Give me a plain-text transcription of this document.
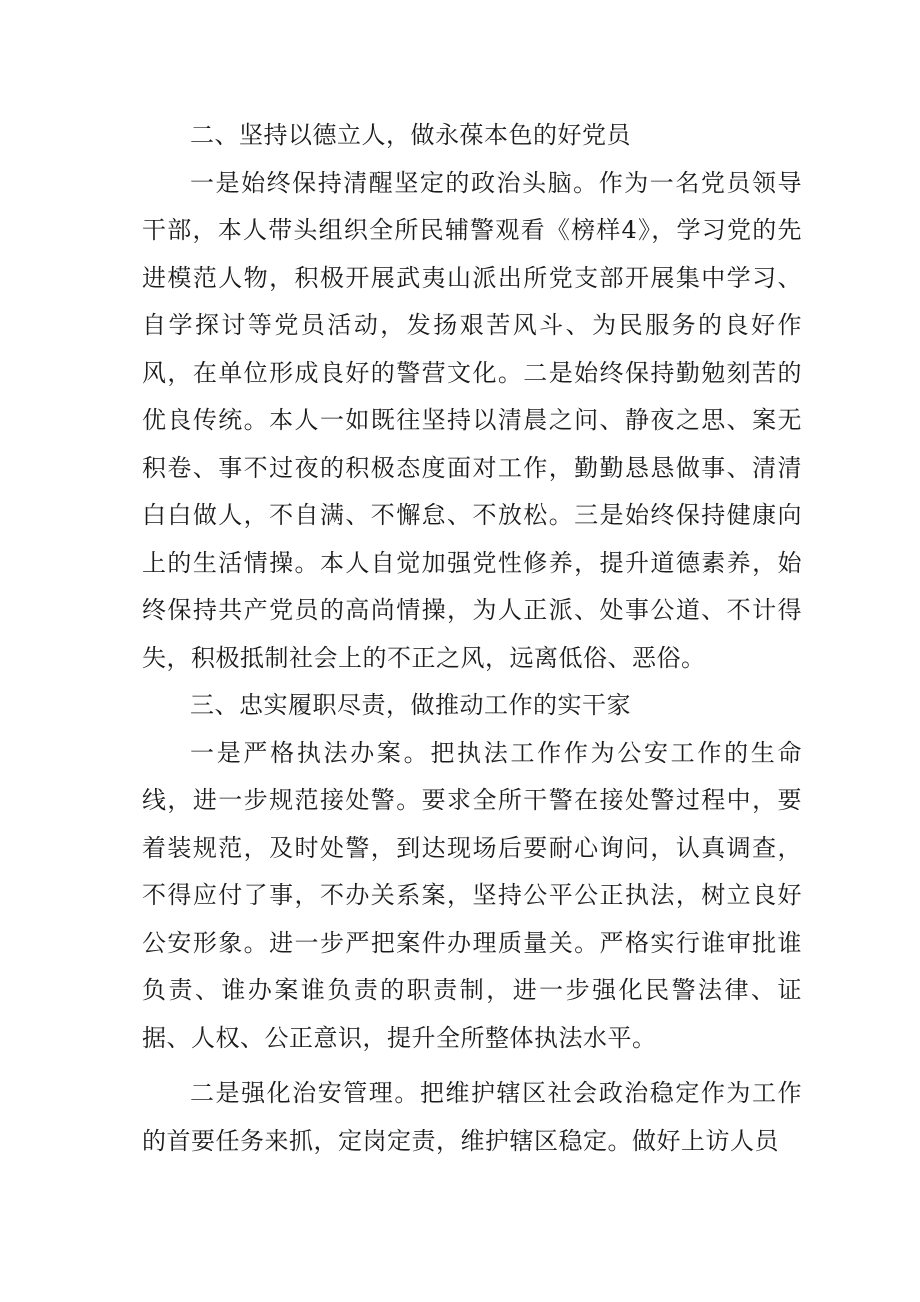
二、坚持以德立人，做永葆本色的好党员

一是始终保持清醒坚定的政治头脑。作为一名党员领导干部，本人带头组织全所民辅警观看《榜样4》，学习党的先进模范人物，积极开展武夷山派出所党支部开展集中学习、自学探讨等党员活动，发扬艰苦风斗、为民服务的良好作风，在单位形成良好的警营文化。二是始终保持勤勉刻苦的优良传统。本人一如既往坚持以清晨之问、静夜之思、案无积卷、事不过夜的积极态度面对工作，勤勤恳恳做事、清清白白做人，不自满、不懈怠、不放松。三是始终保持健康向上的生活情操。本人自觉加强党性修养，提升道德素养，始终保持共产党员的高尚情操，为人正派、处事公道、不计得失，积极抵制社会上的不正之风，远离低俗、恶俗。

三、忠实履职尽责，做推动工作的实干家

一是严格执法办案。把执法工作作为公安工作的生命线，进一步规范接处警。要求全所干警在接处警过程中，要着装规范，及时处警，到达现场后要耐心询问，认真调查，不得应付了事，不办关系案，坚持公平公正执法，树立良好公安形象。进一步严把案件办理质量关。严格实行谁审批谁负责、谁办案谁负责的职责制，进一步强化民警法律、证据、人权、公正意识，提升全所整体执法水平。

二是强化治安管理。把维护辖区社会政治稳定作为工作的首要任务来抓，定岗定责，维护辖区稳定。做好上访人员
